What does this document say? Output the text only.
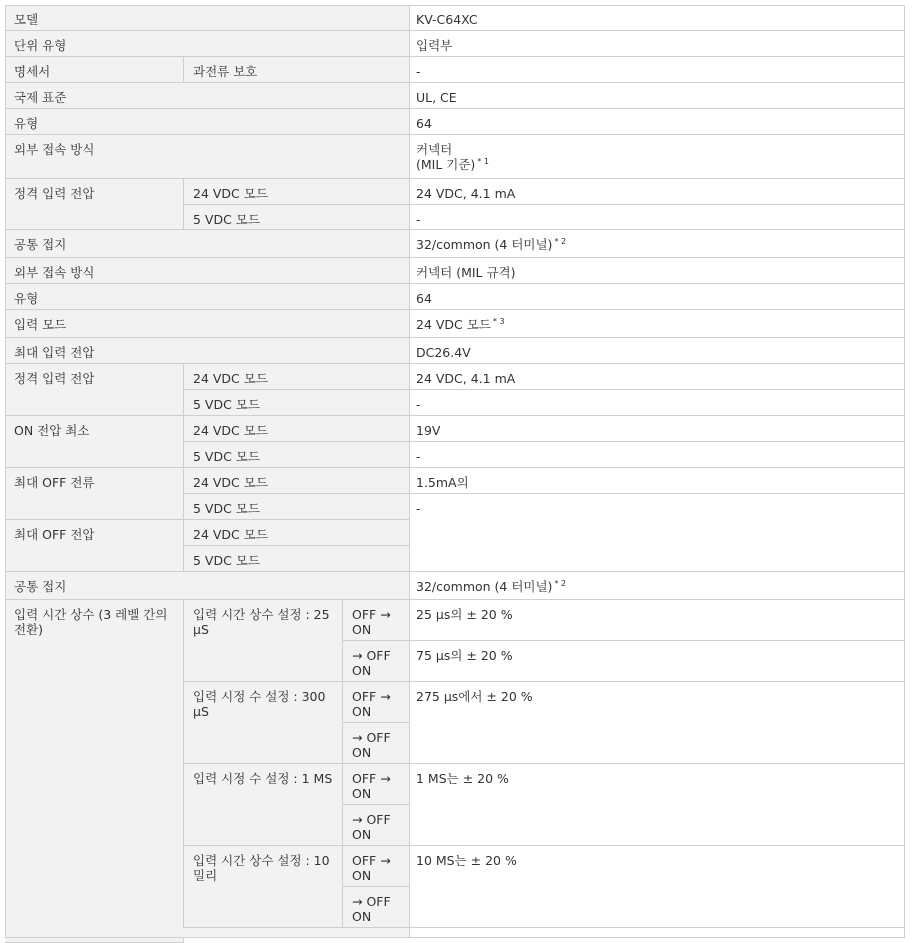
모델
단위 유형
명세서
국제 표준
유형
외부 접속 방식
정격 입력 전압
공통 접지
외부 접속 방식
유형
입력 모드
최대 입력 전압
정격 입력 전압
ON 전압 최소
최대 OFF 전류
최대 OFF 전압
공통 접지
과전류 보호
24 VDC 모드
5 VDC 모드
24 VDC 모드
5 VDC 모드
24 VDC 모드
5 VDC 모드
24 VDC 모드
5 VDC 모드
24 VDC 모드
5 VDC 모드
KV-C64XC
입력부
-
UL, CE
64
커넥터
(MIL 기준) $^{* 1}$
24 VDC, 4.1 mA
-
32/common (4 터미널) $^{* 2}$
커넥터 (MIL 규격)
64
24 VDC 모드 $^{* 3}$
DC26.4V
24 VDC, 4.1 mA
-
19V
-
1.5mA의
-
32/common (4 터미널) $^{* 2}$
입력 시간 상수 (3 레벨 간의 전환)
입력 시간 상수 설정 : 25 μS
OFF → ON
→ OFF ON
25 μs의 ± 20 %
75 μs의 ± 20 %
입력 시정 수 설정 : 300 μS
OFF → ON
→ OFF ON
275 μs에서 ± 20 %
입력 시정 수 설정 : 1 MS	OFF → ON
→ OFF ON
1 MS는 ± 20 %
입력 시간 상수 설정 : 10 밀리
OFF → ON
→ OFF ON
10 MS는 ± 20 %
